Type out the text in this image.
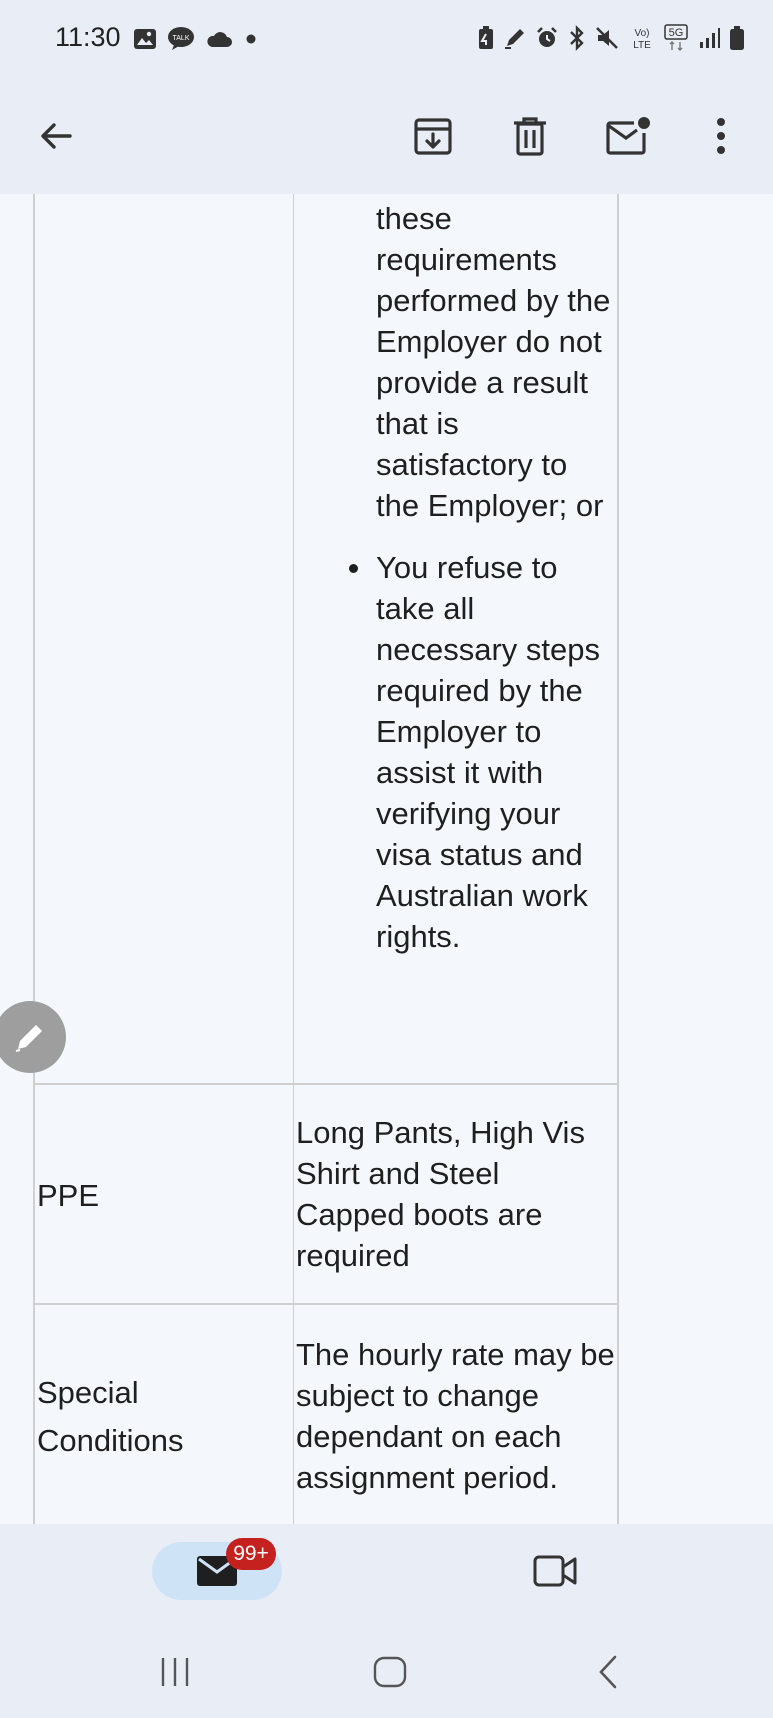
11:30	TALK	Vo)
LTE
5G
these requirements performed by the Employer do not provide a result that is satisfactory to the Employer; or
You refuse to take all necessary steps required by the Employer to assist it with verifying your visa status and Australian work rights.
PPE
Long Pants, High Vis Shirt and Steel Capped boots are required
Special Conditions
The hourly rate may be subject to change dependant on each assignment period.
99+
